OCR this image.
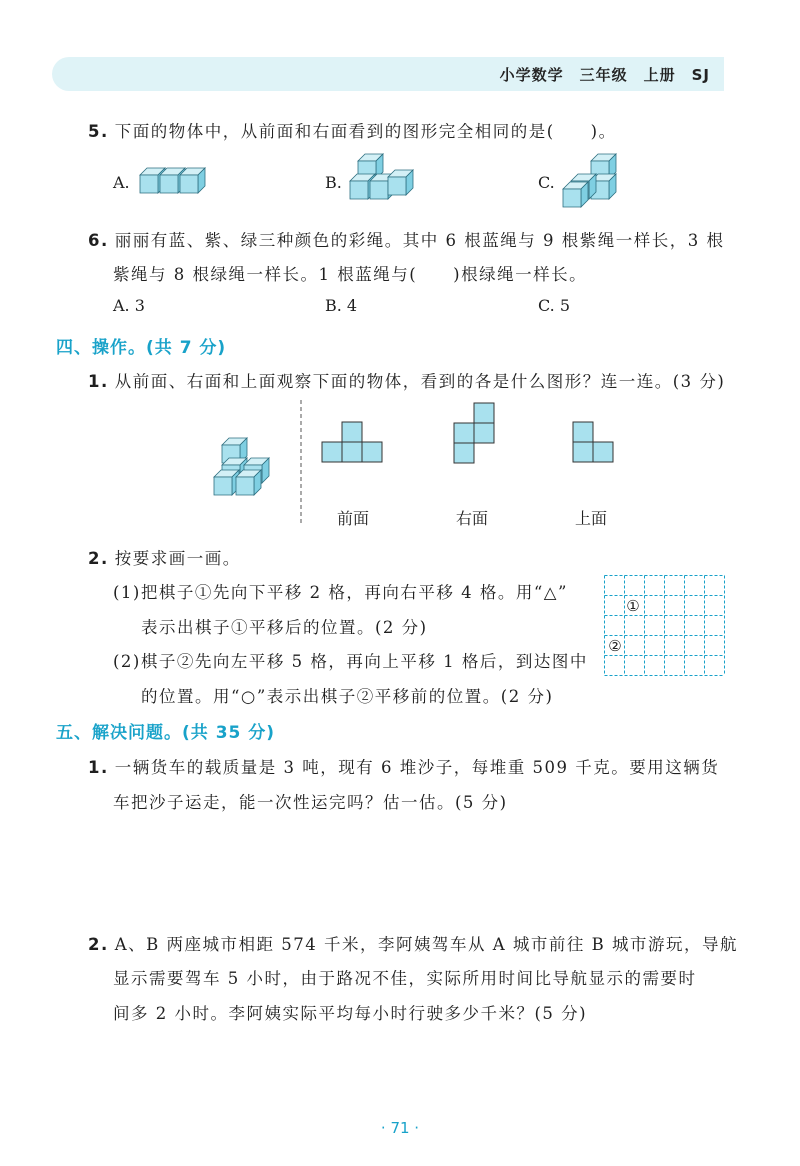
小学数学　三年级　上册　SJ
5. 下面的物体中，从前面和右面看到的图形完全相同的是(　　)。
A.	B.	C.
6. 丽丽有蓝、紫、绿三种颜色的彩绳。其中 6 根蓝绳与 9 根紫绳一样长，3 根
紫绳与 8 根绿绳一样长。1 根蓝绳与(　　)根绿绳一样长。
A. 3	B. 4	C. 5
四、操作。(共 7 分)
1. 从前面、右面和上面观察下面的物体，看到的各是什么图形？连一连。(3 分)
前面	右面	上面
2. 按要求画一画。
(1)把棋子①先向下平移 2 格，再向右平移 4 格。用“△”
表示出棋子①平移后的位置。(2 分)
(2)棋子②先向左平移 5 格，再向上平移 1 格后，到达图中
的位置。用“○”表示出棋子②平移前的位置。(2 分)
①
②
五、解决问题。(共 35 分)
1. 一辆货车的载质量是 3 吨，现有 6 堆沙子，每堆重 509 千克。要用这辆货
车把沙子运走，能一次性运完吗？估一估。(5 分)
2. A、B 两座城市相距 574 千米，李阿姨驾车从 A 城市前往 B 城市游玩，导航
显示需要驾车 5 小时，由于路况不佳，实际所用时间比导航显示的需要时
间多 2 小时。李阿姨实际平均每小时行驶多少千米？(5 分)
· 71 ·
